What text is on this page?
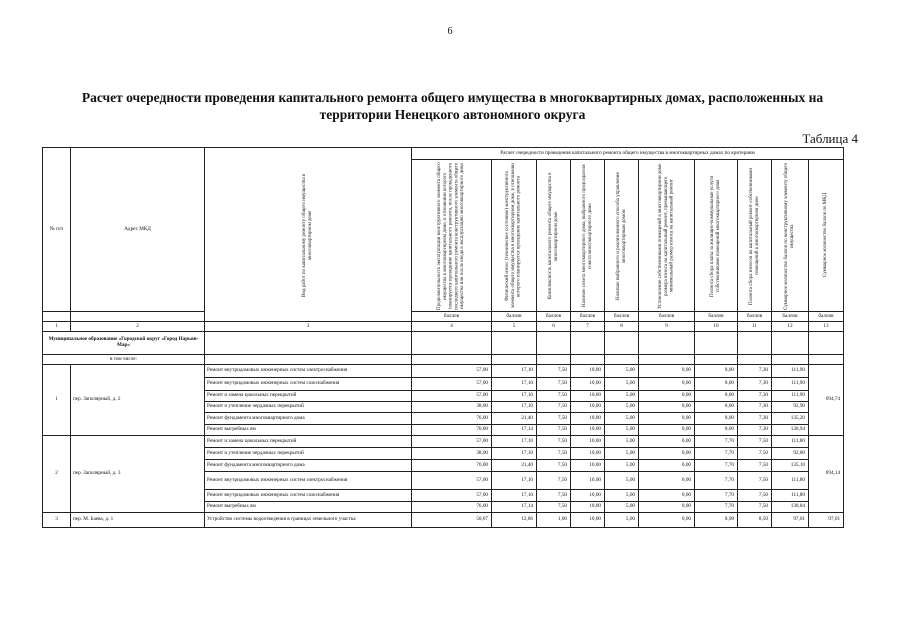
6
Расчет очередности проведения капитального ремонта общего имущества в многоквартирных домах, расположенных на
территории Ненецкого автономного округа
Таблица 4
№ п/п	Адрес МКД	Вид работ по капитальному ремонту общего имущества в многоквартирном доме	Расчет очередности проведения капитального ремонта общего имущества в многоквартирных домах по критериям									

			Продолжительность эксплуатации конструктивного элемента общего имущества в многоквартирном доме, в отношении которого планируется проведение капитального ремонта, после проведенного последнего капитального ремонта конструктивного элемента общего имущества или после ввода в эксплуатацию многоквартирного дома	Физический износ (техническое состояние) конструктивного элемента общего имущества в многоквартирном доме, в отношении которого планируется проведение капитального ремонта	Комплексность капитального ремонта общего имущества в многоквартирном доме	Наличие совета многоквартирного дома, выбранного председателя совета многоквартирного дома	Наличие выбранного и реализованного способа управления многоквартирным домом	Установление собственниками помещений в многоквартирном доме размера взноса на капитальный ремонт, превышающего минимальный размер взноса на капитальный ремонт	Полнота сбора платы за жилищно-коммунальные услуги собственниками помещений многоквартирного дома	Полнота сбора взносов на капитальный ремонт собственниками помещений в многоквартирном доме	Суммарное количество баллов по конструктивному элементу общего имущества	Суммарное количество баллов по МКД

			баллов	баллов	баллов	баллов	баллов	баллов	баллов	баллов	баллов	баллов
1	2	3	4	5	6	7	8	9	10	11	12	13
Муниципальное образование «Городской округ «Город Нарьян-Мар»												
в том числе:												
1	пер. Заполярный, д. 2	Ремонт внутридомовых инженерных систем электроснабжения	57,00	17,10	7,50	10,00	5,00	0,00	8,00	7,30	111,90	694,74
		Ремонт внутридомовых инженерных систем газоснабжения	57,00	17,10	7,50	10,00	5,00	0,00	8,00	7,30	111,90	
		Ремонт и замена цокольных перекрытий	57,00	17,10	7,50	10,00	5,00	0,00	8,00	7,30	111,90	
		Ремонт и утепление чердачных перекрытий	38,00	17,10	7,50	10,00	5,00	0,00	8,00	7,30	92,90	
		Ремонт фундамента многоквартирного дома	76,00	21,40	7,50	10,00	5,00	0,00	8,00	7,30	135,20	
		Ремонт выгребных ям	76,00	17,14	7,50	10,00	5,00	0,00	8,00	7,30	130,94	
2	пер. Заполярный, д. 3	Ремонт и замена цокольных перекрытий	57,00	17,10	7,50	10,00	5,00	0,00	7,70	7,50	111,80	694,14
		Ремонт и утепление чердачных перекрытий	38,00	17,10	7,50	10,00	5,00	0,00	7,70	7,50	92,80	
		Ремонт фундамента многоквартирного дома	76,00	21,40	7,50	10,00	5,00	0,00	7,70	7,50	135,10	
		Ремонт внутридомовых инженерных систем электроснабжения	57,00	17,10	7,50	10,00	5,00	0,00	7,70	7,50	111,80	
		Ремонт внутридомовых инженерных систем газоснабжения	57,00	17,10	7,50	10,00	5,00	0,00	7,70	7,50	111,80	
		Ремонт выгребных ям	76,00	17,14	7,50	10,00	5,00	0,00	7,70	7,50	130,84	
3	пер. М. Баева, д. 1	Устройство системы водоотведения в границах земельного участка	50,67	12,86	1,00	10,00	5,00	0,00	8,98	8,50	97,01	97,01
